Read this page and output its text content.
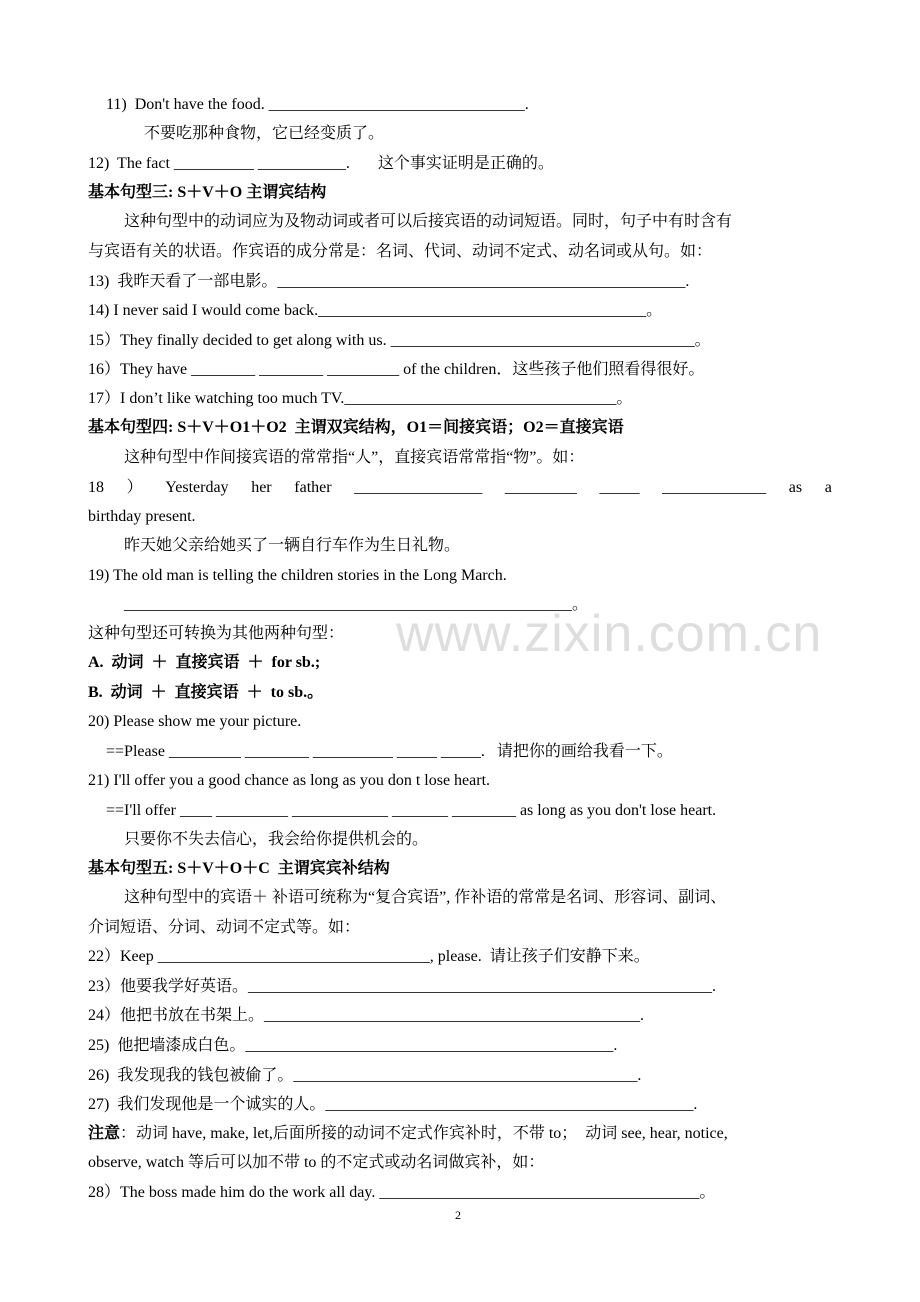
11)  Don't have the food. ________________________________.
不要吃那种食物，它已经变质了。
12)  The fact __________ ___________.       这个事实证明是正确的。
基本句型三: S＋V＋O 主谓宾结构
这种句型中的动词应为及物动词或者可以后接宾语的动词短语。同时，句子中有时含有
与宾语有关的状语。作宾语的成分常是：名词、代词、动词不定式、动名词或从句。如：
13)  我昨天看了一部电影。___________________________________________________.
14) I never said I would come back._________________________________________。
15）They finally decided to get along with us. ______________________________________。
16）They have ________ ________ _________ of the children．这些孩子他们照看得很好。
17）I don’t like watching too much TV.__________________________________。
基本句型四: S＋V＋O1＋O2  主谓双宾结构，O1＝间接宾语；O2＝直接宾语
这种句型中作间接宾语的常常指“人”，直接宾语常常指“物”。如：
18 ） Yesterday her father ________________ _________ _____ _____________ as a
birthday present.
昨天她父亲给她买了一辆自行车作为生日礼物。
19) The old man is telling the children stories in the Long March.
________________________________________________________。
这种句型还可转换为其他两种句型：
A.  动词  ＋  直接宾语  ＋  for sb.;
B.  动词  ＋  直接宾语  ＋  to sb.。
20) Please show me your picture.
==Please _________ ________ __________ _____ _____.   请把你的画给我看一下。
21) I'll offer you a good chance as long as you don t lose heart.
==I'll offer ____ _________ ____________ _______ ________ as long as you don't lose heart.
只要你不失去信心，我会给你提供机会的。
基本句型五: S＋V＋O＋C  主谓宾宾补结构
这种句型中的宾语＋ 补语可统称为“复合宾语”, 作补语的常常是名词、形容词、副词、
介词短语、分词、动词不定式等。如：
22）Keep __________________________________, please.  请让孩子们安静下来。
23）他要我学好英语。__________________________________________________________.
24）他把书放在书架上。_______________________________________________.
25)  他把墙漆成白色。______________________________________________.
26)  我发现我的钱包被偷了。___________________________________________.
27)  我们发现他是一个诚实的人。______________________________________________.
注意：动词 have, make, let,后面所接的动词不定式作宾补时，不带 to；  动词 see, hear, notice,
observe, watch 等后可以加不带 to 的不定式或动名词做宾补，如：
28）The boss made him do the work all day. ________________________________________。
www.zixin.com.cn
2
